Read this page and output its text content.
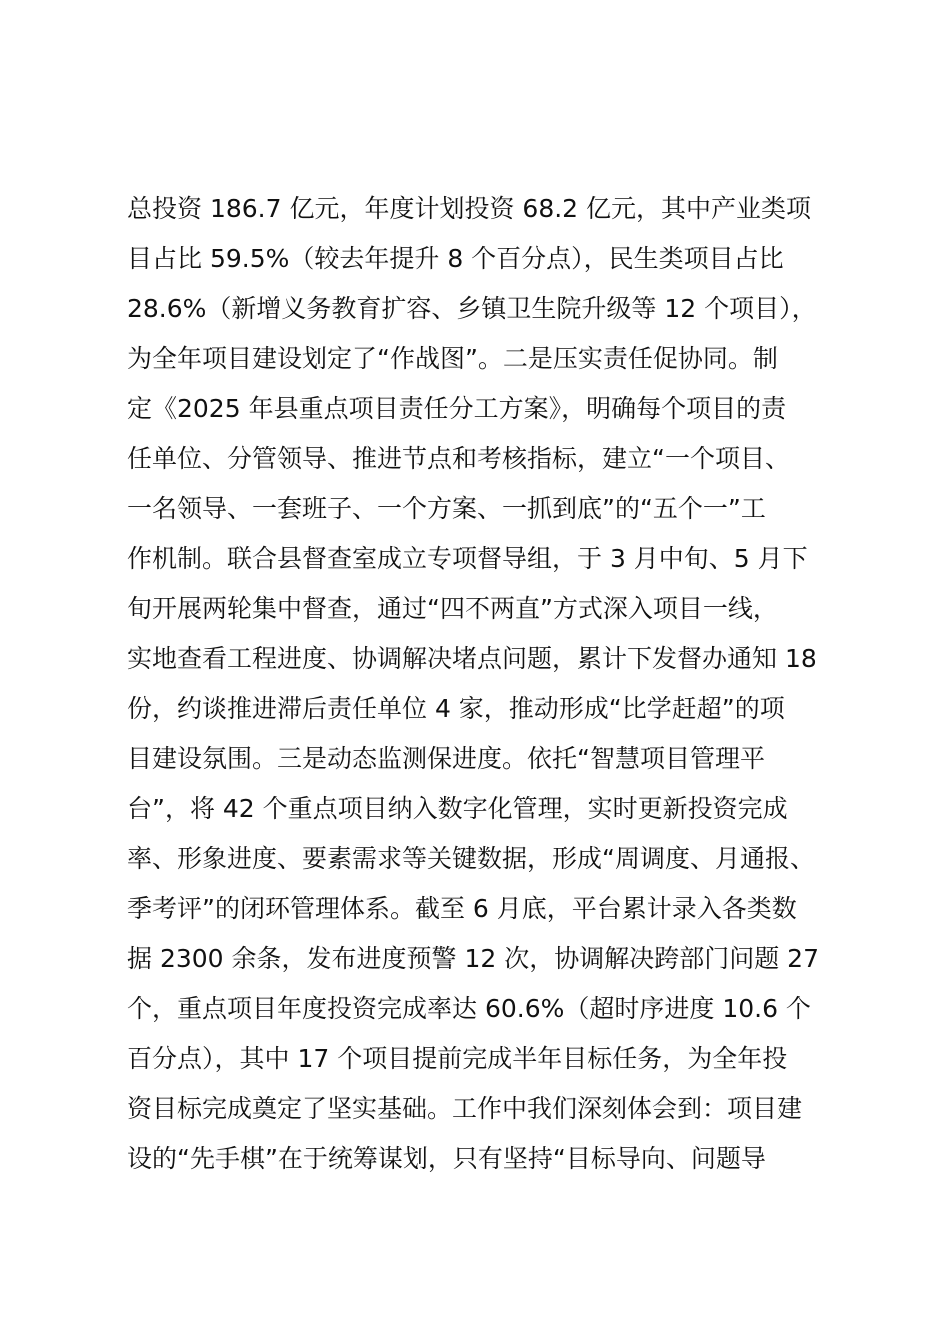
总投资 186.7 亿元，年度计划投资 68.2 亿元，其中产业类项
目占比 59.5%（较去年提升 8 个百分点），民生类项目占比
28.6%（新增义务教育扩容、乡镇卫生院升级等 12 个项目），
为全年项目建设划定了“作战图”。二是压实责任促协同。制
定《2025 年县重点项目责任分工方案》，明确每个项目的责
任单位、分管领导、推进节点和考核指标，建立“一个项目、
一名领导、一套班子、一个方案、一抓到底”的“五个一”工
作机制。联合县督查室成立专项督导组，于 3 月中旬、5 月下
旬开展两轮集中督查，通过“四不两直”方式深入项目一线，
实地查看工程进度、协调解决堵点问题，累计下发督办通知 18
份，约谈推进滞后责任单位 4 家，推动形成“比学赶超”的项
目建设氛围。三是动态监测保进度。依托“智慧项目管理平
台”，将 42 个重点项目纳入数字化管理，实时更新投资完成
率、形象进度、要素需求等关键数据，形成“周调度、月通报、
季考评”的闭环管理体系。截至 6 月底，平台累计录入各类数
据 2300 余条，发布进度预警 12 次，协调解决跨部门问题 27
个，重点项目年度投资完成率达 60.6%（超时序进度 10.6 个
百分点），其中 17 个项目提前完成半年目标任务，为全年投
资目标完成奠定了坚实基础。工作中我们深刻体会到：项目建
设的“先手棋”在于统筹谋划，只有坚持“目标导向、问题导
